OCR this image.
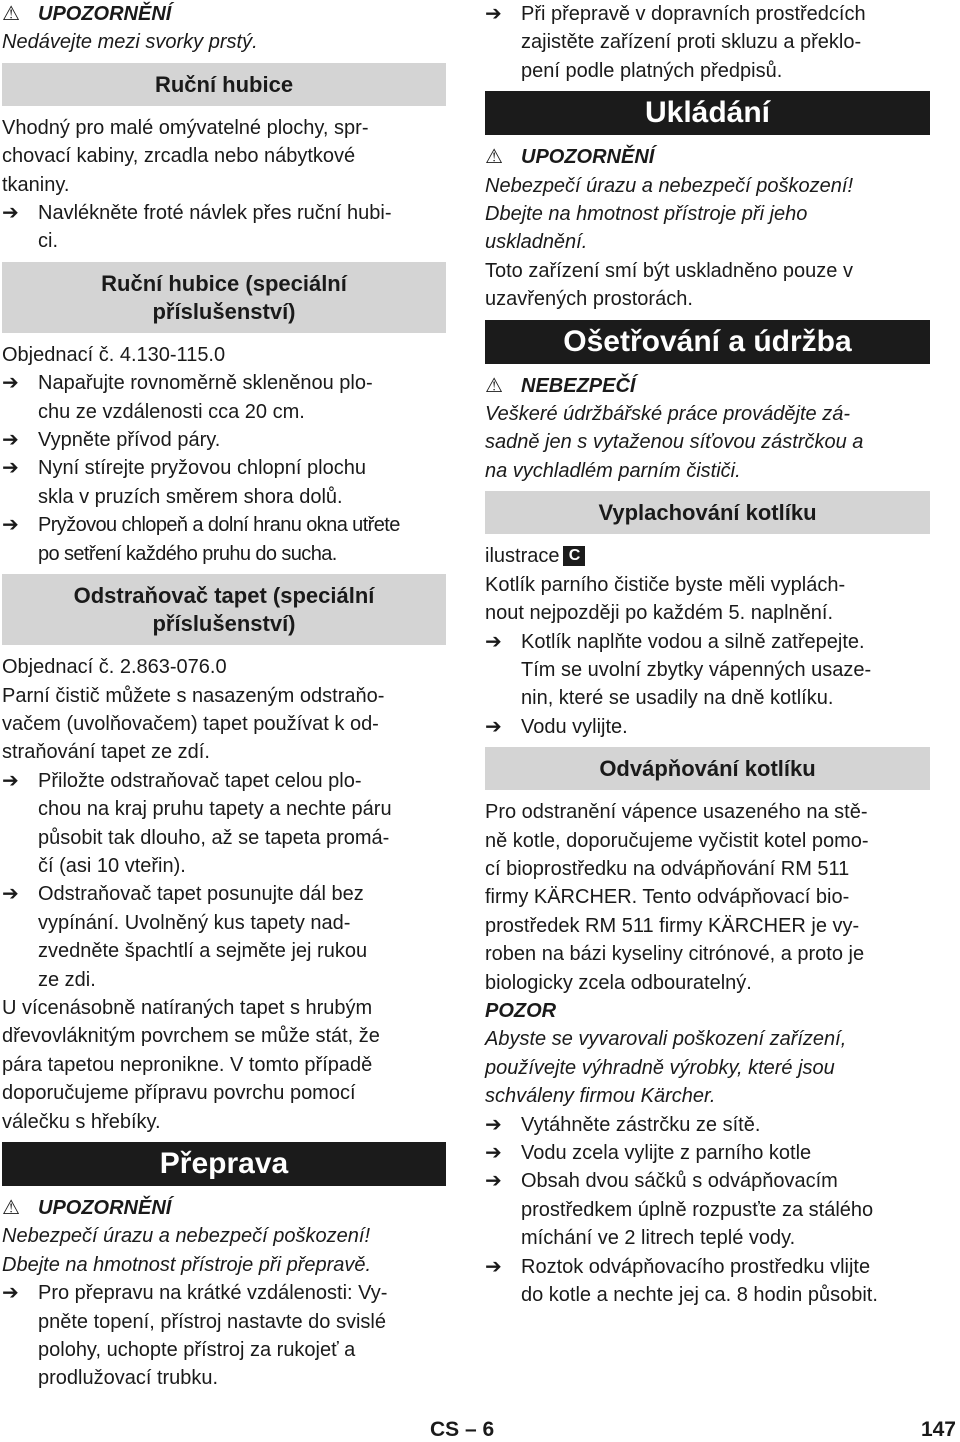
⚠ UPOZORNĚNÍ

Nedávejte mezi svorky prstý.

Ruční hubice

Vhodný pro malé omývatelné plochy, spr-

chovací kabiny, zrcadla nebo nábytkové

tkaniny.

➔ Navlékněte froté návlek přes ruční hubi-

ci.

Ruční hubice (speciální
příslušenství)

Objednací č. 4.130-115.0

➔ Napařujte rovnoměrně skleněnou plo-

chu ze vzdálenosti cca 20 cm.

➔ Vypněte přívod páry.

➔ Nyní stírejte pryžovou chlopní plochu

skla v pruzích směrem shora dolů.

➔ Pryžovou chlopeň a dolní hranu okna utřete

po setření každého pruhu do sucha.

Odstraňovač tapet (speciální
příslušenství)

Objednací č. 2.863-076.0

Parní čistič můžete s nasazeným odstraňo-

vačem (uvolňovačem) tapet používat k od-

straňování tapet ze zdí.

➔ Přiložte odstraňovač tapet celou plo-

chou na kraj pruhu tapety a nechte páru

působit tak dlouho, až se tapeta promá-

čí (asi 10 vteřin).

➔ Odstraňovač tapet posunujte dál bez

vypínání. Uvolněný kus tapety nad-

zvedněte špachtlí a sejměte jej rukou

ze zdi.

U vícenásobně natíraných tapet s hrubým

dřevovláknitým povrchem se může stát, že

pára tapetou nepronikne. V tomto případě

doporučujeme přípravu povrchu pomocí

válečku s hřebíky.

Přeprava

⚠ UPOZORNĚNÍ

Nebezpečí úrazu a nebezpečí poškození!

Dbejte na hmotnost přístroje při přepravě.

➔ Pro přepravu na krátké vzdálenosti: Vy-

pněte topení, přístroj nastavte do svislé

polohy, uchopte přístroj za rukojeť a

prodlužovací trubku.

➔ Při přepravě v dopravních prostředcích

zajistěte zařízení proti skluzu a překlo-

pení podle platných předpisů.

Ukládání

⚠ UPOZORNĚNÍ

Nebezpečí úrazu a nebezpečí poškození!

Dbejte na hmotnost přístroje při jeho

uskladnění.

Toto zařízení smí být uskladněno pouze v

uzavřených prostorách.

Ošetřování a údržba

⚠ NEBEZPEČÍ

Veškeré údržbářské práce provádějte zá-

sadně jen s vytaženou síťovou zástrčkou a

na vychladlém parním čističi.

Vyplachování kotlíku

ilustrace C

Kotlík parního čističe byste měli vyplách-

nout nejpozději po každém 5. naplnění.

➔ Kotlík naplňte vodou a silně zatřepejte.

Tím se uvolní zbytky vápenných usaze-

nin, které se usadily na dně kotlíku.

➔ Vodu vylijte.

Odvápňování kotlíku

Pro odstranění vápence usazeného na stě-

ně kotle, doporučujeme vyčistit kotel pomo-

cí bioprostředku na odvápňování RM 511

firmy KÄRCHER. Tento odvápňovací bio-

prostředek RM 511 firmy KÄRCHER je vy-

roben na bázi kyseliny citrónové, a proto je

biologicky zcela odbouratelný.

POZOR

Abyste se vyvarovali poškození zařízení,

používejte výhradně výrobky, které jsou

schváleny firmou Kärcher.

➔ Vytáhněte zástrčku ze sítě.

➔ Vodu zcela vylijte z parního kotle

➔ Obsah dvou sáčků s odvápňovacím

prostředkem úplně rozpusťte za stálého

míchání ve 2 litrech teplé vody.

➔ Roztok odvápňovacího prostředku vlijte

do kotle a nechte jej ca. 8 hodin působit.

CS – 6	147
